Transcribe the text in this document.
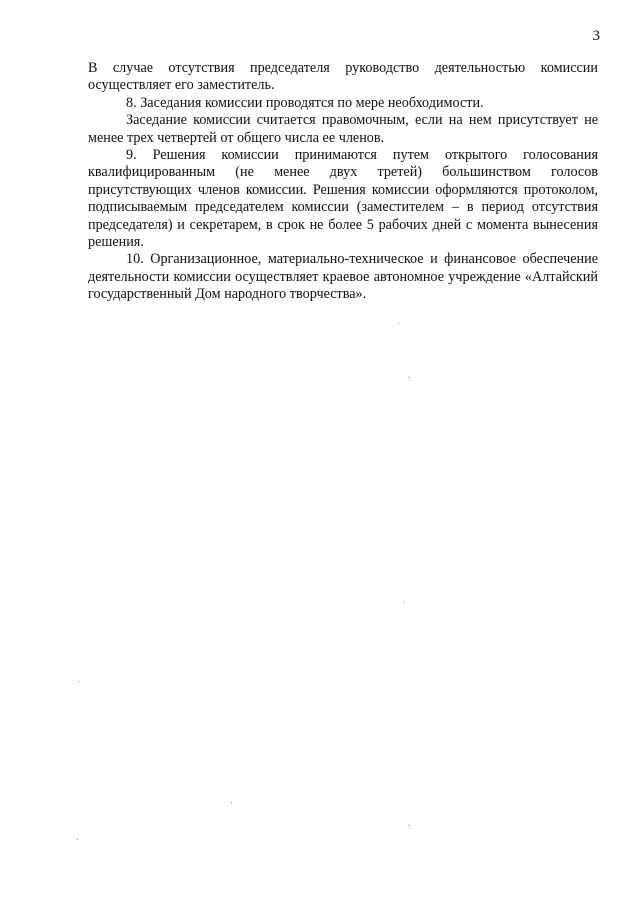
3

В случае отсутствия председателя руководство деятельностью комиссии осуществляет его заместитель.

8. Заседания комиссии проводятся по мере необходимости.

Заседание комиссии считается правомочным, если на нем присутствует не менее трех четвертей от общего числа ее членов.

9. Решения комиссии принимаются путем открытого голосования квалифицированным (не менее двух третей) большинством голосов присутствующих членов комиссии. Решения комиссии оформляются протоколом, подписываемым председателем комиссии (заместителем – в период отсутствия председателя) и секретарем, в срок не более 5 рабочих дней с момента вынесения решения.

10. Организационное, материально-техническое и финансовое обеспечение деятельности комиссии осуществляет краевое автономное учреждение «Алтайский государственный Дом народного творчества».
